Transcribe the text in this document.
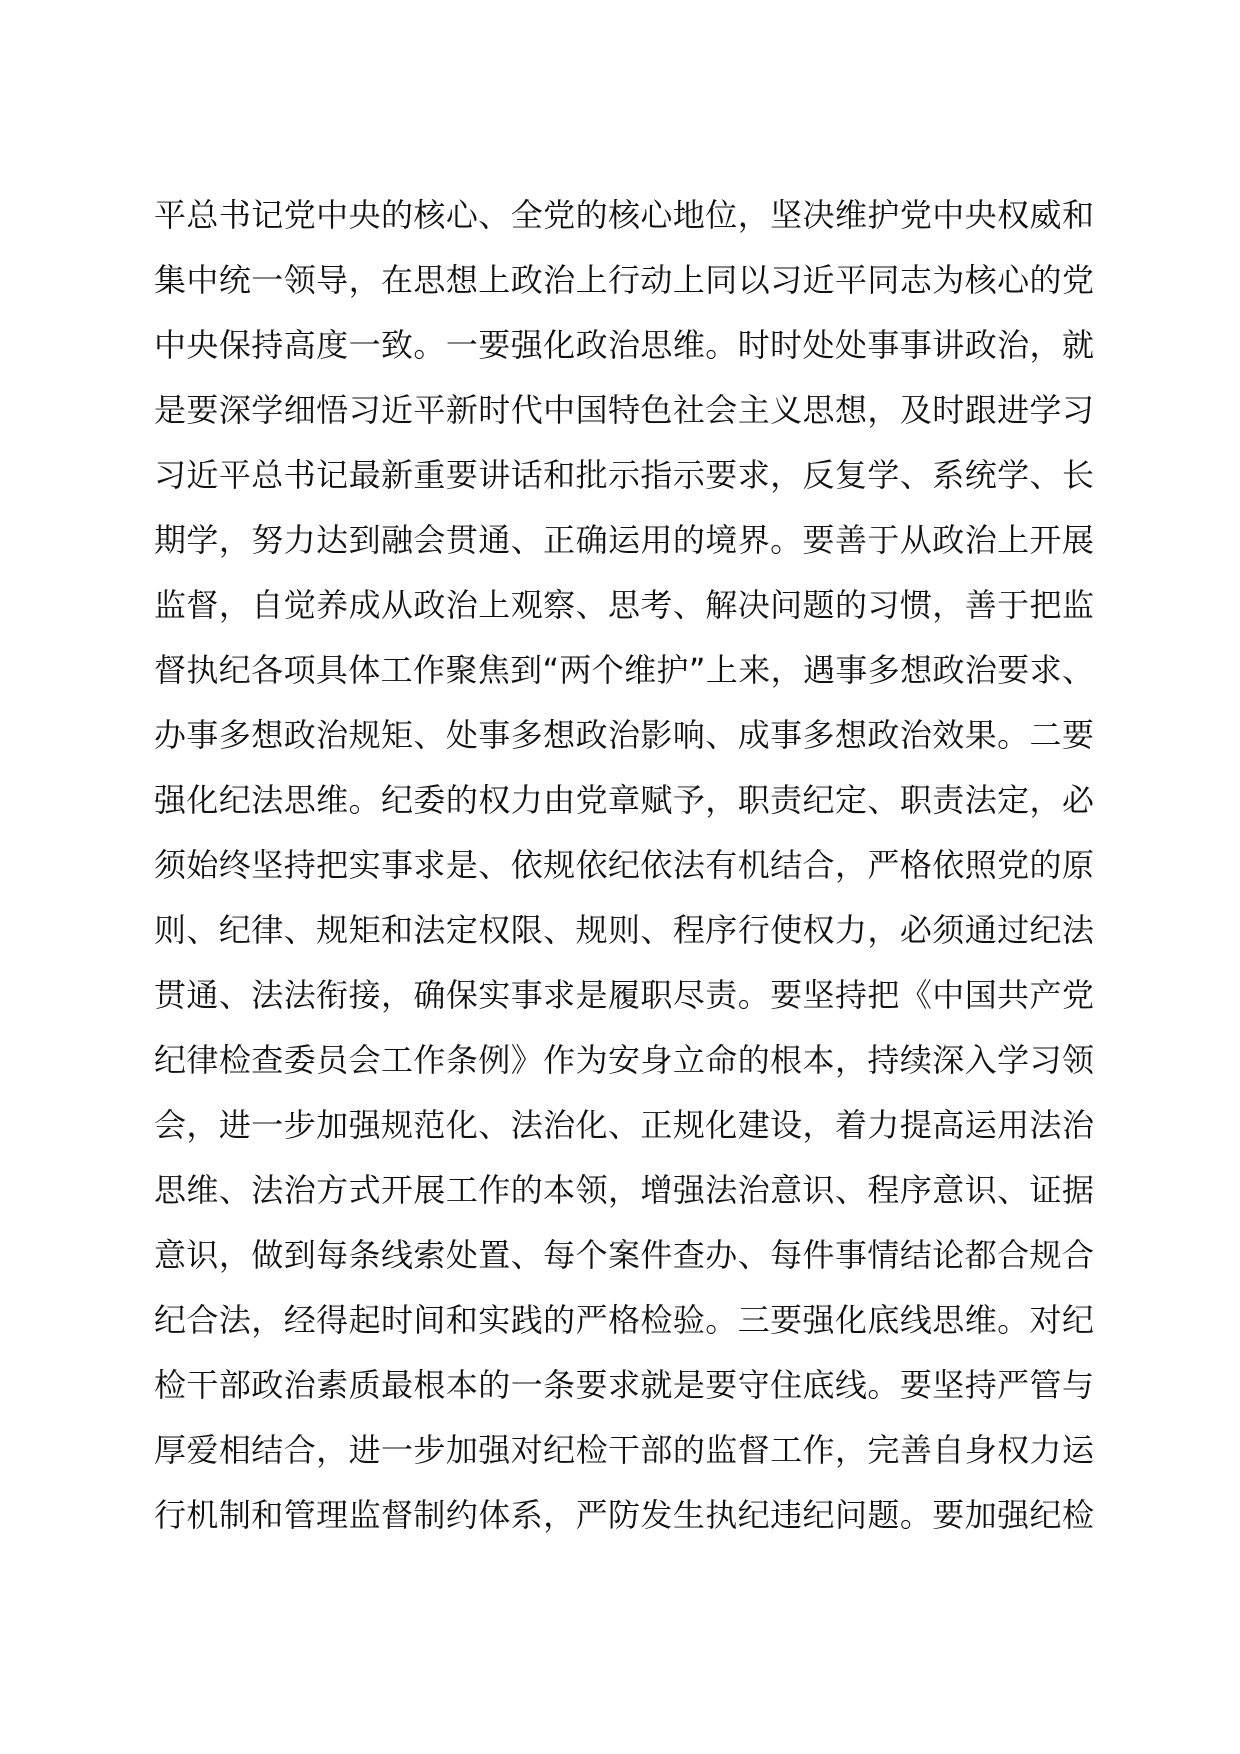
平总书记党中央的核心、全党的核心地位，坚决维护党中央权威和
集中统一领导，在思想上政治上行动上同以习近平同志为核心的党
中央保持高度一致。一要强化政治思维。时时处处事事讲政治，就
是要深学细悟习近平新时代中国特色社会主义思想，及时跟进学习
习近平总书记最新重要讲话和批示指示要求，反复学、系统学、长
期学，努力达到融会贯通、正确运用的境界。要善于从政治上开展
监督，自觉养成从政治上观察、思考、解决问题的习惯，善于把监
督执纪各项具体工作聚焦到“两个维护”上来，遇事多想政治要求、
办事多想政治规矩、处事多想政治影响、成事多想政治效果。二要
强化纪法思维。纪委的权力由党章赋予，职责纪定、职责法定，必
须始终坚持把实事求是、依规依纪依法有机结合，严格依照党的原
则、纪律、规矩和法定权限、规则、程序行使权力，必须通过纪法
贯通、法法衔接，确保实事求是履职尽责。要坚持把《中国共产党
纪律检查委员会工作条例》作为安身立命的根本，持续深入学习领
会，进一步加强规范化、法治化、正规化建设，着力提高运用法治
思维、法治方式开展工作的本领，增强法治意识、程序意识、证据
意识，做到每条线索处置、每个案件查办、每件事情结论都合规合
纪合法，经得起时间和实践的严格检验。三要强化底线思维。对纪
检干部政治素质最根本的一条要求就是要守住底线。要坚持严管与
厚爱相结合，进一步加强对纪检干部的监督工作，完善自身权力运
行机制和管理监督制约体系，严防发生执纪违纪问题。要加强纪检
